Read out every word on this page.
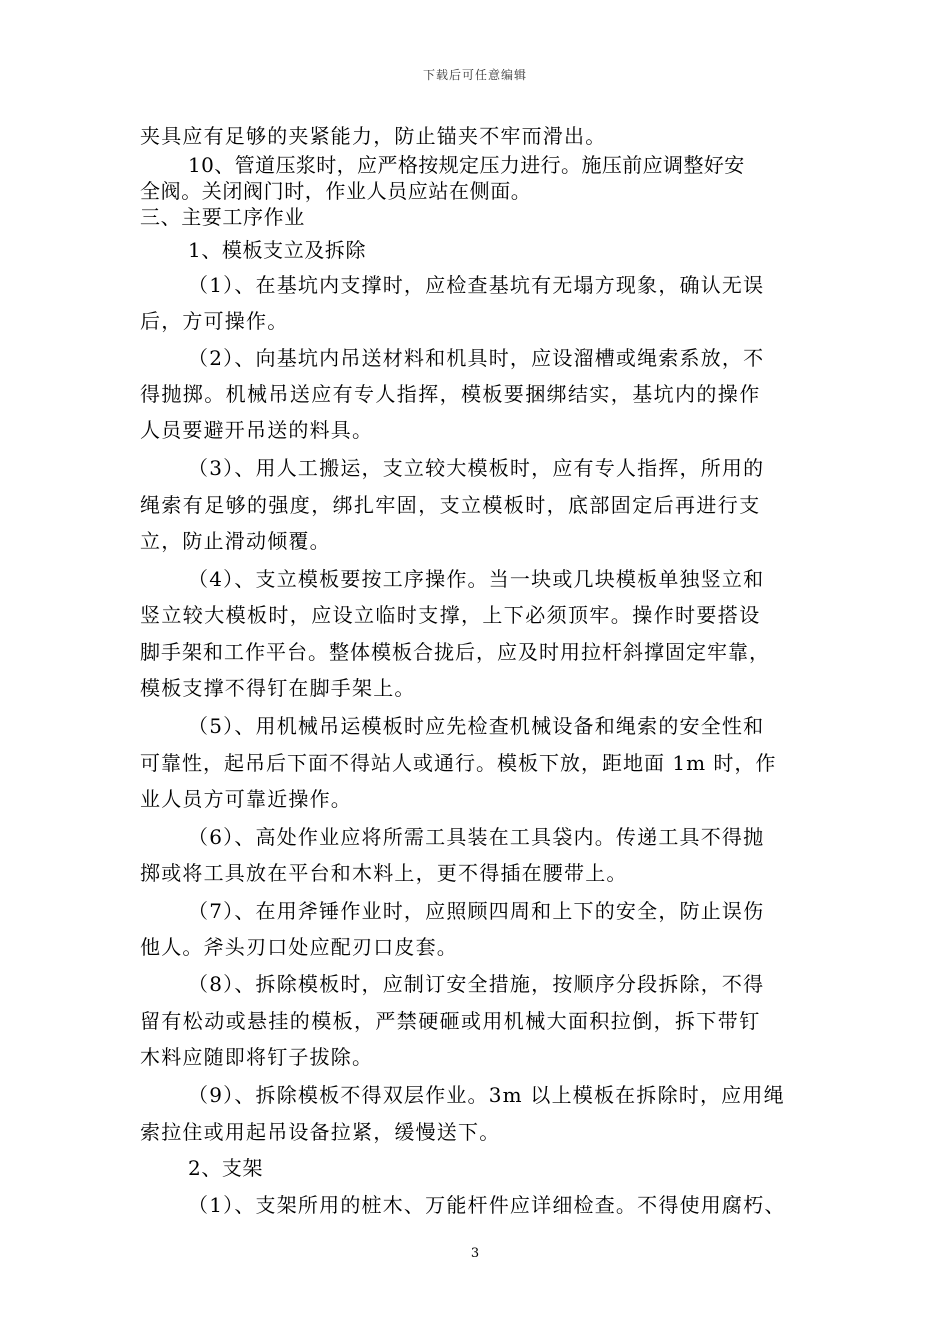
下载后可任意编辑
夹具应有足够的夹紧能力，防止锚夹不牢而滑出。
10、管道压浆时，应严格按规定压力进行。施压前应调整好安
全阀。关闭阀门时，作业人员应站在侧面。
三、主要工序作业
1、模板支立及拆除
（1）、在基坑内支撑时，应检查基坑有无塌方现象，确认无误
后，方可操作。
（2）、向基坑内吊送材料和机具时，应设溜槽或绳索系放，不
得抛掷。机械吊送应有专人指挥，模板要捆绑结实，基坑内的操作
人员要避开吊送的料具。
（3）、用人工搬运，支立较大模板时，应有专人指挥，所用的
绳索有足够的强度，绑扎牢固，支立模板时，底部固定后再进行支
立，防止滑动倾覆。
（4）、支立模板要按工序操作。当一块或几块模板单独竖立和
竖立较大模板时，应设立临时支撑，上下必须顶牢。操作时要搭设
脚手架和工作平台。整体模板合拢后，应及时用拉杆斜撑固定牢靠，
模板支撑不得钉在脚手架上。
（5）、用机械吊运模板时应先检查机械设备和绳索的安全性和
可靠性，起吊后下面不得站人或通行。模板下放，距地面 1m 时，作
业人员方可靠近操作。
（6）、高处作业应将所需工具装在工具袋内。传递工具不得抛
掷或将工具放在平台和木料上，更不得插在腰带上。
（7）、在用斧锤作业时，应照顾四周和上下的安全，防止误伤
他人。斧头刃口处应配刃口皮套。
（8）、拆除模板时，应制订安全措施，按顺序分段拆除，不得
留有松动或悬挂的模板，严禁硬砸或用机械大面积拉倒，拆下带钉
木料应随即将钉子拔除。
（9）、拆除模板不得双层作业。3m 以上模板在拆除时，应用绳
索拉住或用起吊设备拉紧，缓慢送下。
2、支架
（1）、支架所用的桩木、万能杆件应详细检查。不得使用腐朽、
3
